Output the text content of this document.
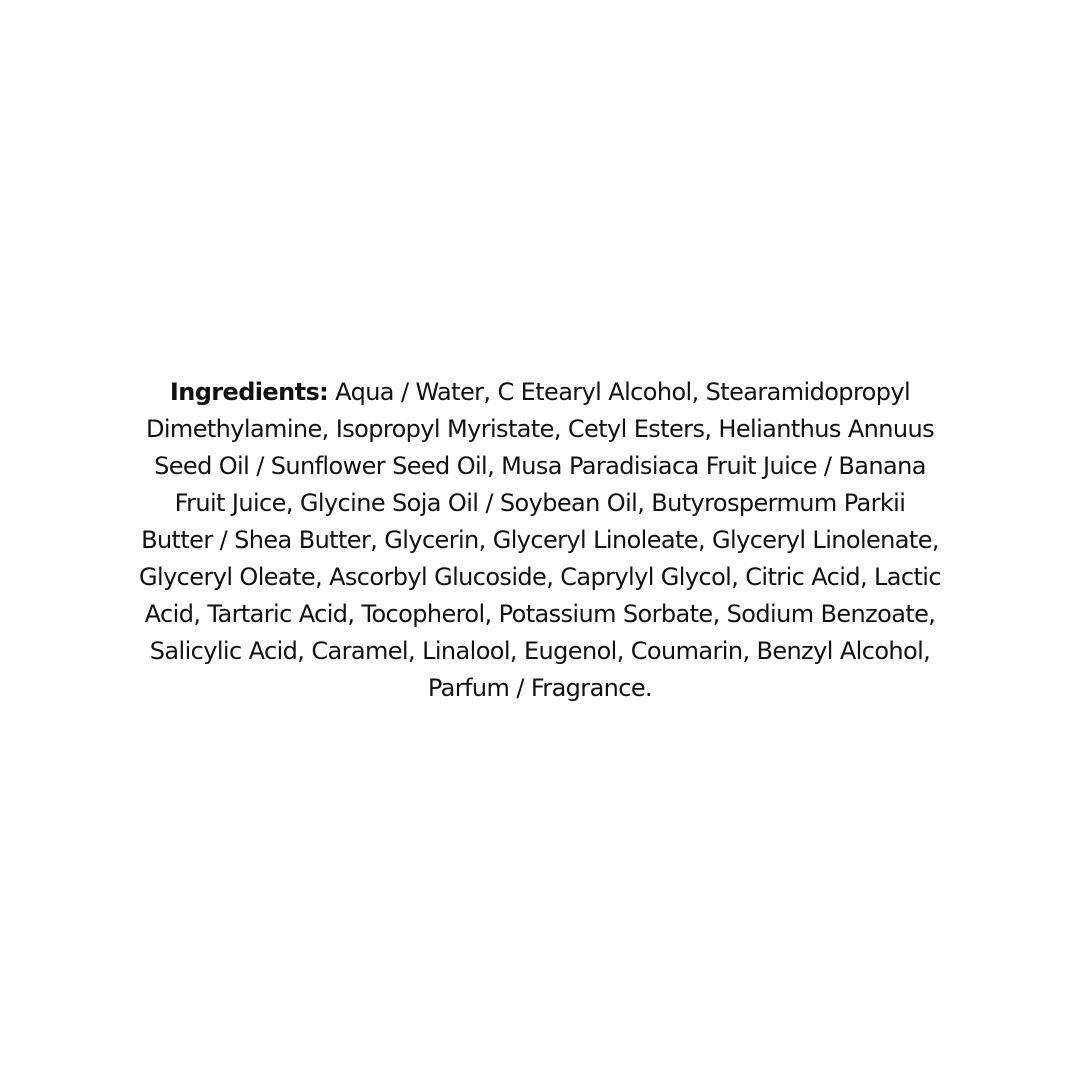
Ingredients: Aqua / Water, C Etearyl Alcohol, Stearamidopropyl
Dimethylamine, Isopropyl Myristate, Cetyl Esters, Helianthus Annuus
Seed Oil / Sunflower Seed Oil, Musa Paradisiaca Fruit Juice / Banana
Fruit Juice, Glycine Soja Oil / Soybean Oil, Butyrospermum Parkii
Butter / Shea Butter, Glycerin, Glyceryl Linoleate, Glyceryl Linolenate,
Glyceryl Oleate, Ascorbyl Glucoside, Caprylyl Glycol, Citric Acid, Lactic
Acid, Tartaric Acid, Tocopherol, Potassium Sorbate, Sodium Benzoate,
Salicylic Acid, Caramel, Linalool, Eugenol, Coumarin, Benzyl Alcohol,
Parfum / Fragrance.
